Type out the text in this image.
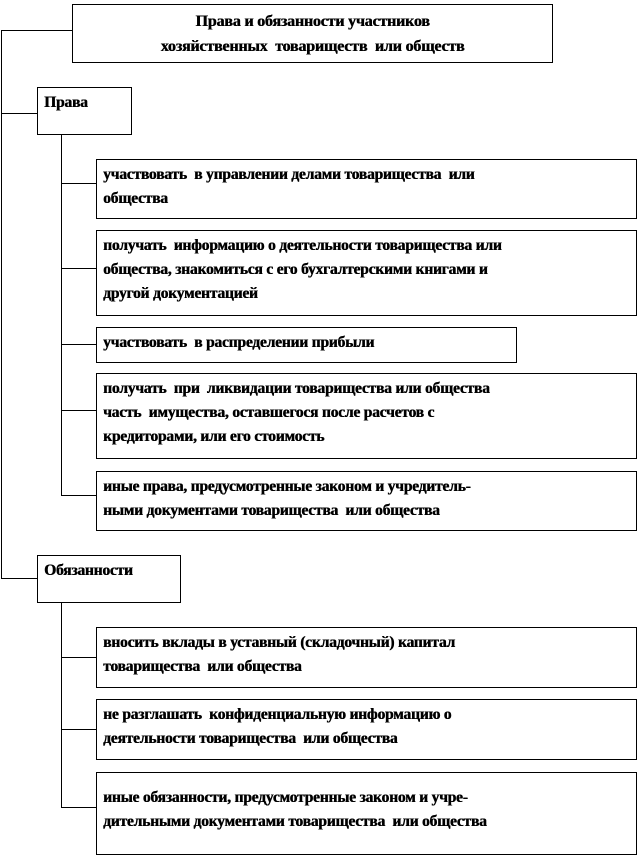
Права и обязанности участников
хозяйственных  товариществ  или обществ
Права
участвовать  в управлении делами товарищества  или
общества
получать  информацию о деятельности товарищества или
общества, знакомиться с его бухгалтерскими книгами и
другой документацией
участвовать  в распределении прибыли
получать  при  ликвидации товарищества или общества
часть  имущества, оставшегося после расчетов с
кредиторами, или его стоимость
иные права, предусмотренные законом и учредитель-
ными документами товарищества  или общества
Обязанности
вносить вклады в уставный (складочный) капитал
товарищества  или общества
не разглашать  конфиденциальную информацию о
деятельности товарищества  или общества
иные обязанности, предусмотренные законом и учре-
дительными документами товарищества  или общества
